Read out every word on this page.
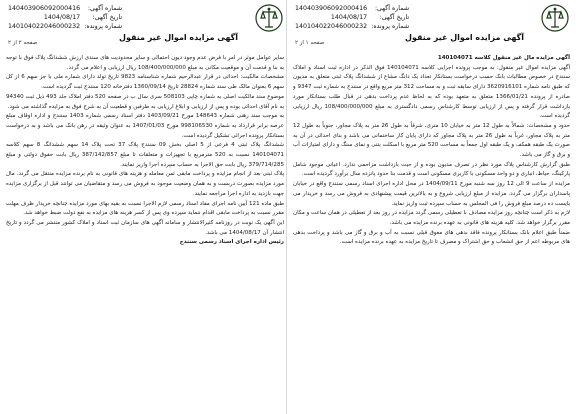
شماره آگهی: 140403906092000416
تاریخ آگهی: 1404/08/17
شماره پرونده: 140104022046000232
صفحه ۲ از ۲
آگهی مزایده اموال غیر منقول

سایر عوامل موثر در امر با فرض عدم وجود دیون احتمالی و سایر محدودیت های سندی ارزش ششدانگ پلاک فوق با توجه به بنا و قدمت آن و موقعیت مکانی به مبلغ 108/400/000/000 ریال ارزیابی و اعلام می گردد.

مشخصات مالکیت: احداثی در قرار عبدالرحیم شماره شناسنامه 9823 تاریخ تولد دارای شماره ملی با جز سهم 6 از کل سهم 6 بعنوان مالک طی سند شماره 28824 تاریخ 1360/09/14 دفترخانه 120 سنندج ثبت گردیده است.

موضوع سند مالکیت اصلی به شماره چاپی 508103 سری سال ب در صفحه 520 دفتر املاک جلد 493 ذیل ثبت 94340 به نام آقای احداثی بوده و پس از ارزیابی و ابلاغ ارزیابی به طرفین و قطعیت آن به شرح فوق به مزایده گذاشته می شود.

به موجب سند رهنی شماره 148643 مورخ 1403/09/21 دفتر اسناد رسمی شماره 1403 سنندج و اداره اوقاف مبلغ عرصه برابر قرارداد به شماره 998106530 مورخ 1407/01/03 به عنوان وثیقه در رهن بانک می باشد و به درخواست بستانکار پرونده اجرائی تشکیل گردیده است.

ششدانگ پلاک ثبتی 4 فرعی از 5 اصلی بخش 09 سنندج پلاک 37 تحت پلاک 14 سهم ششدانگ 8 سهم کلاسه 140104071 نسبت به 520 مترمربع با تجهیزات و متعلقات تا مبلغ 387/142/857 ریال بابت حقوق دولتی و مبلغ 379/714/285 ریال بابت حق الاجرا به حساب سپرده اجرا واریز نمایند.

پلاک ثبتی بعد از انجام مزایده و پرداخت مابقی ثمن معامله و هزینه های قانونی به نام برنده مزایده منتقل می گردد. مال مورد مزایده بصورت دربست و به همان وضعیت موجود به فروش می رسد و متقاضیان می توانند قبل از برگزاری مزایده جهت بازدید به اداره اجرا مراجعه نمایند.

طبق ماده 121 آیین نامه اجرای مفاد اسناد رسمی لازم الاجرا نسبت به بقیه بهای مورد مزایده چنانچه خریدار ظرف مهلت مقرر نسبت به پرداخت مابقی اقدام ننماید سپرده وی پس از کسر هزینه های مزایده به نفع دولت ضبط خواهد شد.

این آگهی یک نوبت در روزنامه کثیرالانتشار و سامانه آگهی های سازمان ثبت اسناد و املاک کشور منتشر می گردد و تاریخ انتشار آن 1404/08/17 می باشد.

رئیس اداره اجرای اسناد رسمی سنندج

شماره آگهی: 140403906092000416
تاریخ آگهی: 1404/08/17
شماره پرونده: 140104022046000232
صفحه ۱ از ۲
آگهی مزایده اموال غیر منقول

آگهی مزایده مال غیر منقول کلاسه 140104071

آگهی مزایده اموال غیر منقول: به موجب پرونده اجرایی کلاسه 140104071 فوق الذکر در اداره ثبت اسناد و املاک سنندج در خصوص مطالبات بانک حسب درخواست بستانکار تعداد یک دانگ مشاع از ششدانگ پلاک ثبتی متعلق به مدیون که طبق نامه شماره 3620916101 دارای سابقه ثبت و به مساحت 312 متر مربع واقع در سنندج به شماره ثبت 9347 و صادره از پرونده 1366/01/21 متعلق به متعهد بوده که به لحاظ عدم پرداخت بدهی در قبال طلب بستانکار مورد بازداشت قرار گرفته و پس از ارزیابی توسط کارشناس رسمی دادگستری به مبلغ 108/400/000/000 ریال ارزیابی گردیده است.

حدود و مشخصات: شمالاً به طول 12 متر به خیابان 10 متری، شرقاً به طول 26 متر به پلاک مجاور، جنوباً به طول 12 متر به پلاک مجاور، غرباً به طول 26 متر به پلاک مجاور که دارای پایان کار ساختمانی می باشد و بنای احداثی در آن به صورت یک طبقه همکف و یک طبقه اول جمعاً به مساحت 520 متر مربع با اسکلت بتنی و نمای سنگ و دارای امتیازات آب و برق و گاز می باشد.

طبق گزارش کارشناس پلاک مورد نظر در تصرف مدیون بوده و از حیث بازداشت مزاحمی ندارد. اعیانی موجود شامل پارکینگ، حیاط، انباری و دو واحد مسکونی با کاربری مسکونی است و قدمت بنا حدود پانزده سال برآورد گردیده است.

مزایده از ساعت 9 الی 12 روز سه شنبه مورخ 1404/09/11 در محل اداره اجرای اسناد رسمی سنندج واقع در خیابان پاسداران برگزار می گردد. مزایده از مبلغ ارزیابی شروع و به بالاترین قیمت پیشنهادی به فروش می رسد و خریدار می بایست ده درصد مبلغ فروش را فی المجلس به حساب سپرده ثبت واریز نماید.

لازم به ذکر است چنانچه روز مزایده مصادف با تعطیلی رسمی گردد مزایده در روز بعد از تعطیلی در همان ساعت و مکان مقرر برگزار خواهد شد. کلیه هزینه های قانونی به عهده برنده مزایده می باشد.

ضمناً طبق اعلام بانک بستانکار پرونده فاقد بدهی های معوق قبلی نسبت به آب و برق و گاز می باشد و پرداخت بدهی های مربوطه اعم از حق انشعاب و حق اشتراک و مصرف تا تاریخ مزایده به عهده برنده مزایده است.
